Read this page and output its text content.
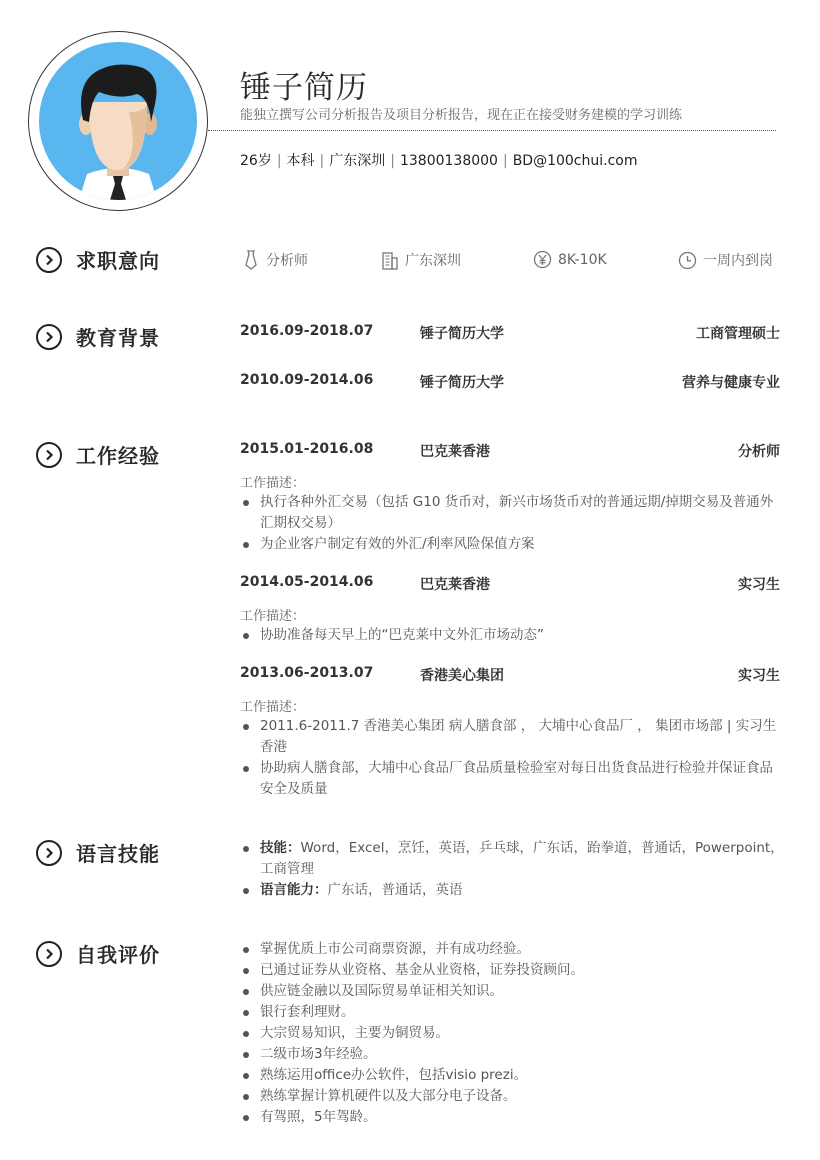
锤子简历
能独立撰写公司分析报告及项目分析报告，现在正在接受财务建模的学习训练
26岁 | 本科 | 广东深圳 | 13800138000 | BD@100chui.com
求职意向	分析师	广东深圳	8K-10K	一周内到岗
教育背景	2016.09-2018.07	锤子简历大学	工商管理硕士
2010.09-2014.06	锤子简历大学	营养与健康专业
工作经验	2015.01-2016.08	巴克莱香港	分析师
工作描述：
执行各种外汇交易（包括 G10 货币对，新兴市场货币对的普通远期/掉期交易及普通外汇期权交易）
为企业客户制定有效的外汇/利率风险保值方案
2014.05-2014.06	巴克莱香港	实习生
工作描述：
协助准备每天早上的“巴克莱中文外汇市场动态”
2013.06-2013.07	香港美心集团	实习生
工作描述：
2011.6-2011.7 香港美心集团 病人膳食部 ， 大埔中心食品厂 ， 集团市场部 | 实习生 香港
协助病人膳食部，大埔中心食品厂食品质量检验室对每日出货食品进行检验并保证食品安全及质量
语言技能	技能：Word，Excel，烹饪，英语，乒乓球，广东话，跆拳道，普通话，Powerpoint，工商管理
语言能力：广东话，普通话，英语
自我评价	掌握优质上市公司商票资源，并有成功经验。
已通过证券从业资格、基金从业资格，证券投资顾问。
供应链金融以及国际贸易单证相关知识。
银行套利理财。
大宗贸易知识，主要为铜贸易。
二级市场3年经验。
熟练运用office办公软件，包括visio prezi。
熟练掌握计算机硬件以及大部分电子设备。
有驾照，5年驾龄。
